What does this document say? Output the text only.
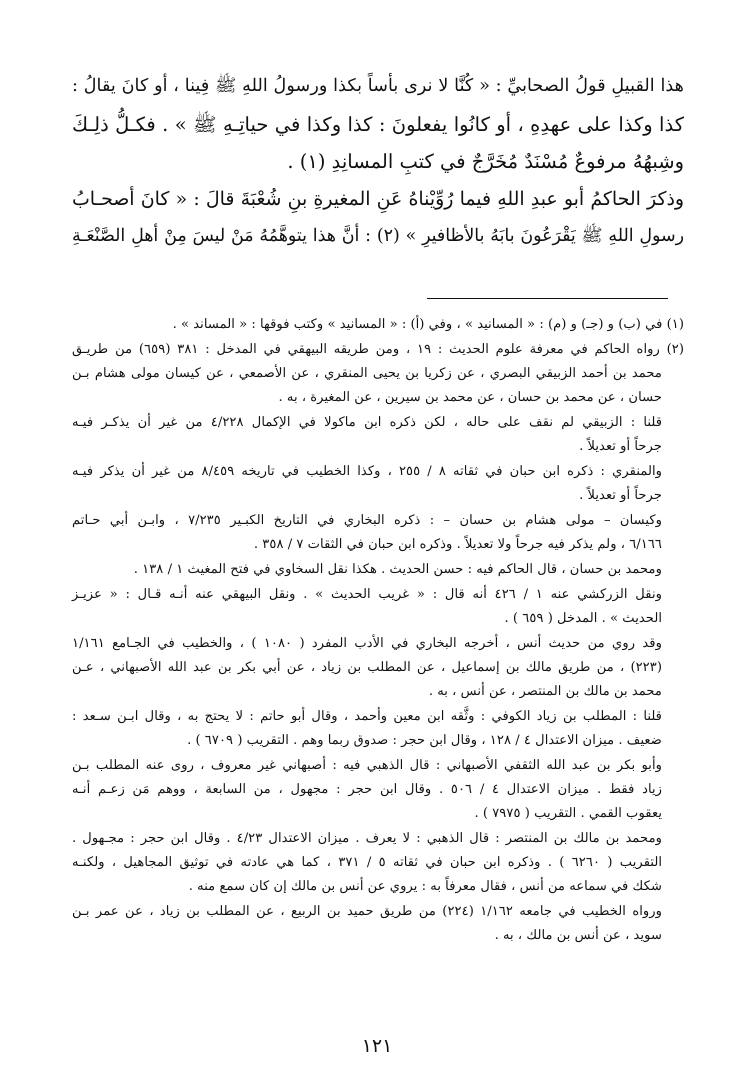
هذا القبيلِ قولُ الصحابيِّ : « كُنَّا لا نرى بأساً بكذا ورسولُ اللهِ ﷺ فِينا ، أو كانَ يقالُ :

كذا وكذا على عهدِهِ ، أو كانُوا يفعلونَ : كذا وكذا في حياتِـهِ ﷺ » . فكـلُّ ذلِـكَ

وشِبهُهُ مرفوعٌ مُسْنَدٌ مُخَرَّجٌ في كتبِ المسانِدِ (١) .

وذكرَ الحاكمُ أبو عبدِ اللهِ فيما رُوِّيْناهُ عَنِ المغيرةِ بنِ شُعْبَةَ قالَ : « كانَ أصحـابُ

رسولِ اللهِ ﷺ يَقْرَعُونَ بابَهُ بالأظافيرِ » (٢) : أنَّ هذا يتوهَّمُهُ مَنْ ليسَ مِنْ أهلِ الصَّنْعَـةِ

(١) في (ب) و (جـ) و (م) : « المسانيد » ، وفي (أ) : « المسانيد » وكتب فوقها : « المساند » .

(٢) رواه الحاكم في معرفة علوم الحديث : ١٩ ، ومن طريقه البيهقي في المدخل : ٣٨١ (٦٥٩) من طريـق

محمد بن أحمد الزبيقي البصري ، عن زكريا بن يحيى المنقري ، عن الأصمعي ، عن كيسان مولى هشام بـن

حسان ، عن محمد بن حسان ، عن محمد بن سيرين ، عن المغيرة ، به .

قلنا : الزبيقي لم نقف على حاله ، لكن ذكره ابن ماكولا في الإكمال ٤/٢٢٨ من غير أن يذكـر فيـه

جرحاً أو تعديلاً .

والمنقري : ذكره ابن حبان في ثقاته ٨ / ٢٥٥ ، وكذا الخطيب في تاريخه ٨/٤٥٩ من غير أن يذكر فيـه

جرحاً أو تعديلاً .

وكيسان – مولى هشام بن حسان – : ذكره البخاري في التاريخ الكبـير ٧/٢٣٥ ، وابـن أبي حـاتم

٦/١٦٦ ، ولم يذكر فيه جرحاً ولا تعديلاً . وذكره ابن حبان في الثقات ٧ / ٣٥٨ .

ومحمد بن حسان ، قال الحاكم فيه : حسن الحديث . هكذا نقل السخاوي في فتح المغيث ١ / ١٣٨ .

ونقل الزركشي عنه ١ / ٤٢٦ أنه قال : « غريب الحديث » . ونقل البيهقي عنه أنـه قـال : « عزيـز

الحديث » . المدخل ( ٦٥٩ ) .

وقد روي من حديث أنس ، أخرجه البخاري في الأدب المفرد ( ١٠٨٠ ) ، والخطيب في الجـامع ١/١٦١

(٢٢٣) ، من طريق مالك بن إسماعيل ، عن المطلب بن زياد ، عن أبي بكر بن عبد الله الأصبهاني ، عـن

محمد بن مالك بن المنتصر ، عن أنس ، به .

قلنا : المطلب بن زياد الكوفي : وثَّقه ابن معين وأحمد ، وقال أبو حاتم : لا يحتج به ، وقال ابـن سـعد :

ضعيف . ميزان الاعتدال ٤ / ١٢٨ ، وقال ابن حجر : صدوق ربما وهم . التقريب ( ٦٧٠٩ ) .

وأبو بكر بن عبد الله الثقفي الأصبهاني : قال الذهبي فيه : أصبهاني غير معروف ، روى عنه المطلب بـن

زياد فقط . ميزان الاعتدال ٤ / ٥٠٦ . وقال ابن حجر : مجهول ، من السابعة ، ووهم مَن زعـم أنـه

يعقوب القمي . التقريب ( ٧٩٧٥ ) .

ومحمد بن مالك بن المنتصر : قال الذهبي : لا يعرف . ميزان الاعتدال ٤/٢٣ . وقال ابن حجر : مجـهول .

التقريب ( ٦٢٦٠ ) . وذكره ابن حبان في ثقاته ٥ / ٣٧١ ، كما هي عادته في توثيق المجاهيل ، ولكنـه

شكك في سماعه من أنس ، فقال معرفاً به : يروي عن أنس بن مالك إن كان سمع منه .

ورواه الخطيب في جامعه ١/١٦٢ (٢٢٤) من طريق حميد بن الربيع ، عن المطلب بن زياد ، عن عمر بـن

سويد ، عن أنس بن مالك ، به .

١٢١
